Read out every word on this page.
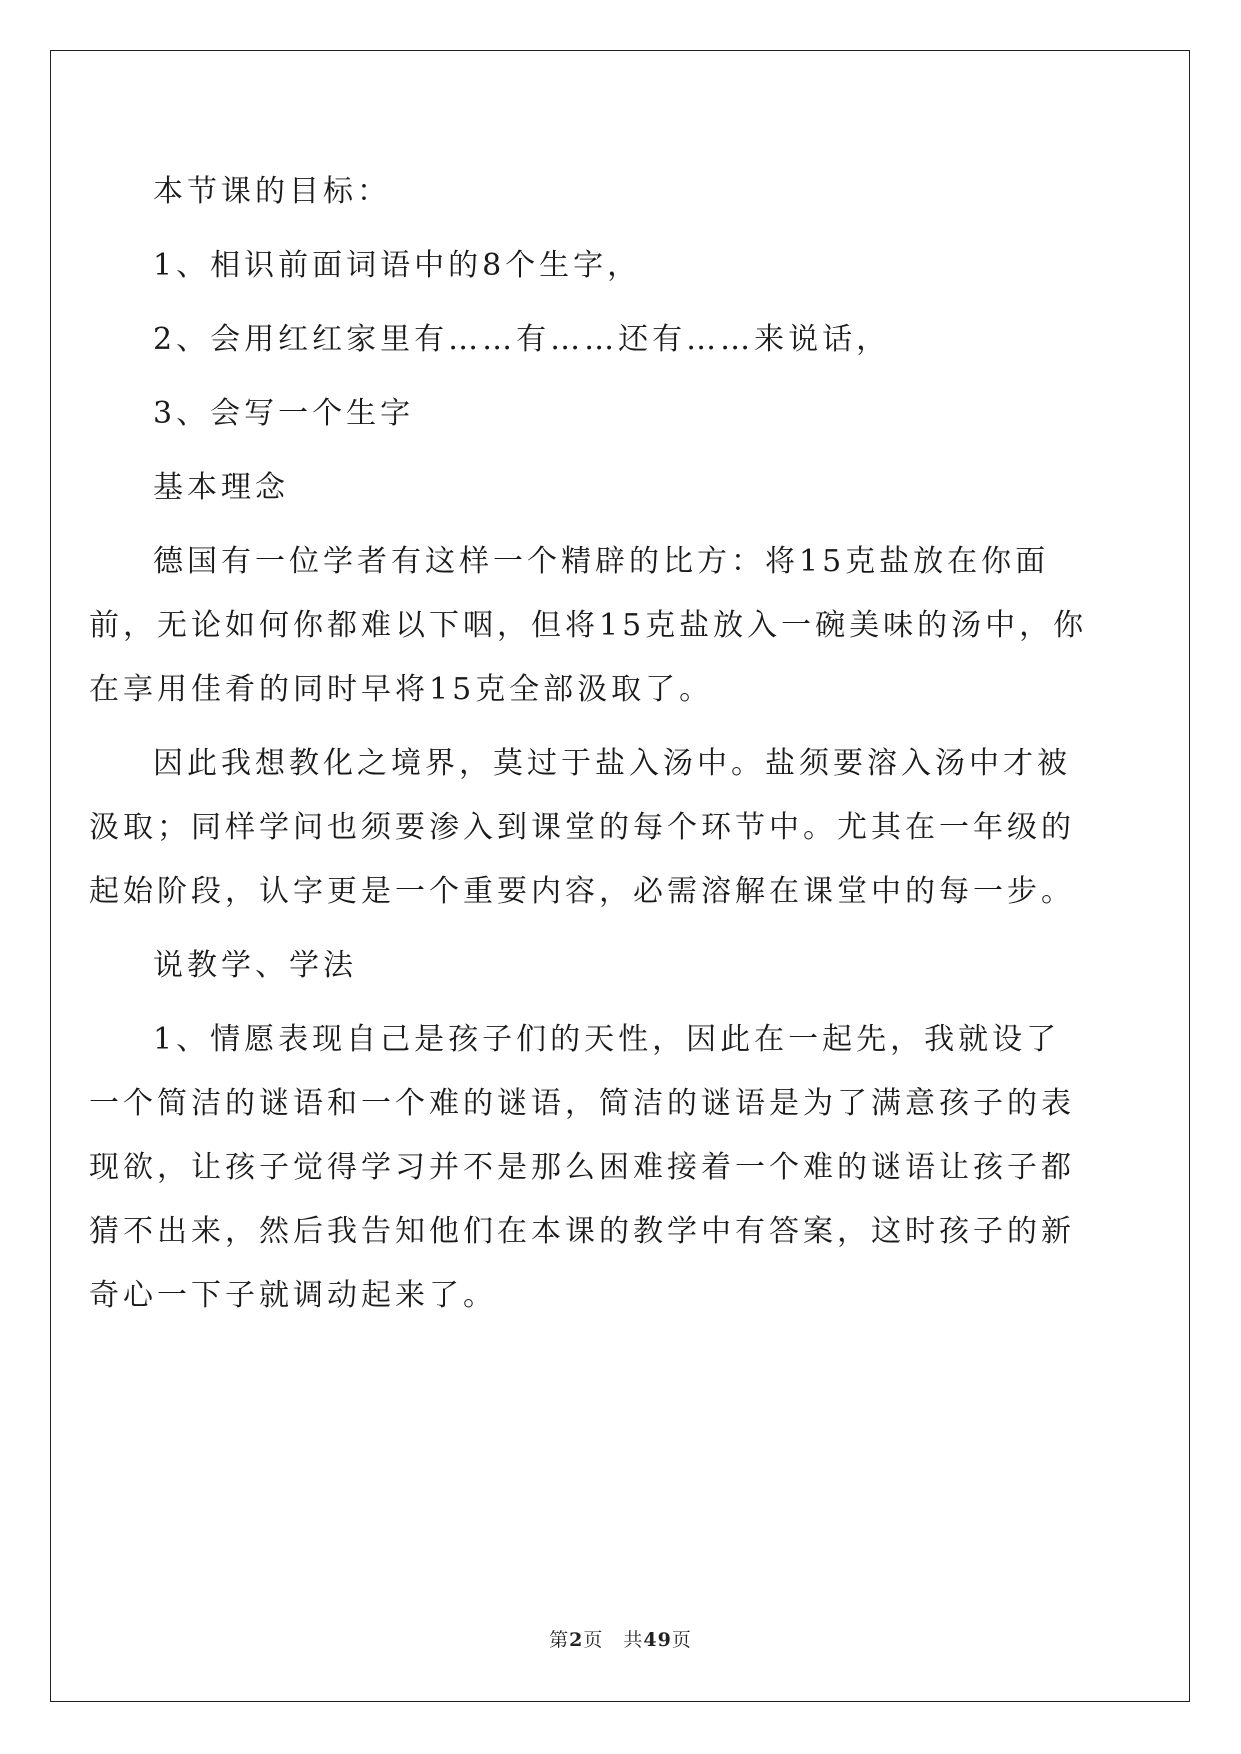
本节课的目标：

1、相识前面词语中的8个生字，

2、会用红红家里有……有……还有……来说话，

3、会写一个生字

基本理念

德国有一位学者有这样一个精辟的比方：将15克盐放在你面前，无论如何你都难以下咽，但将15克盐放入一碗美味的汤中，你在享用佳肴的同时早将15克全部汲取了。

因此我想教化之境界，莫过于盐入汤中。盐须要溶入汤中才被汲取；同样学问也须要渗入到课堂的每个环节中。尤其在一年级的起始阶段，认字更是一个重要内容，必需溶解在课堂中的每一步。

说教学、学法

1、情愿表现自己是孩子们的天性，因此在一起先，我就设了一个简洁的谜语和一个难的谜语，简洁的谜语是为了满意孩子的表现欲，让孩子觉得学习并不是那么困难接着一个难的谜语让孩子都猜不出来，然后我告知他们在本课的教学中有答案，这时孩子的新奇心一下子就调动起来了。

第2页　共49页
